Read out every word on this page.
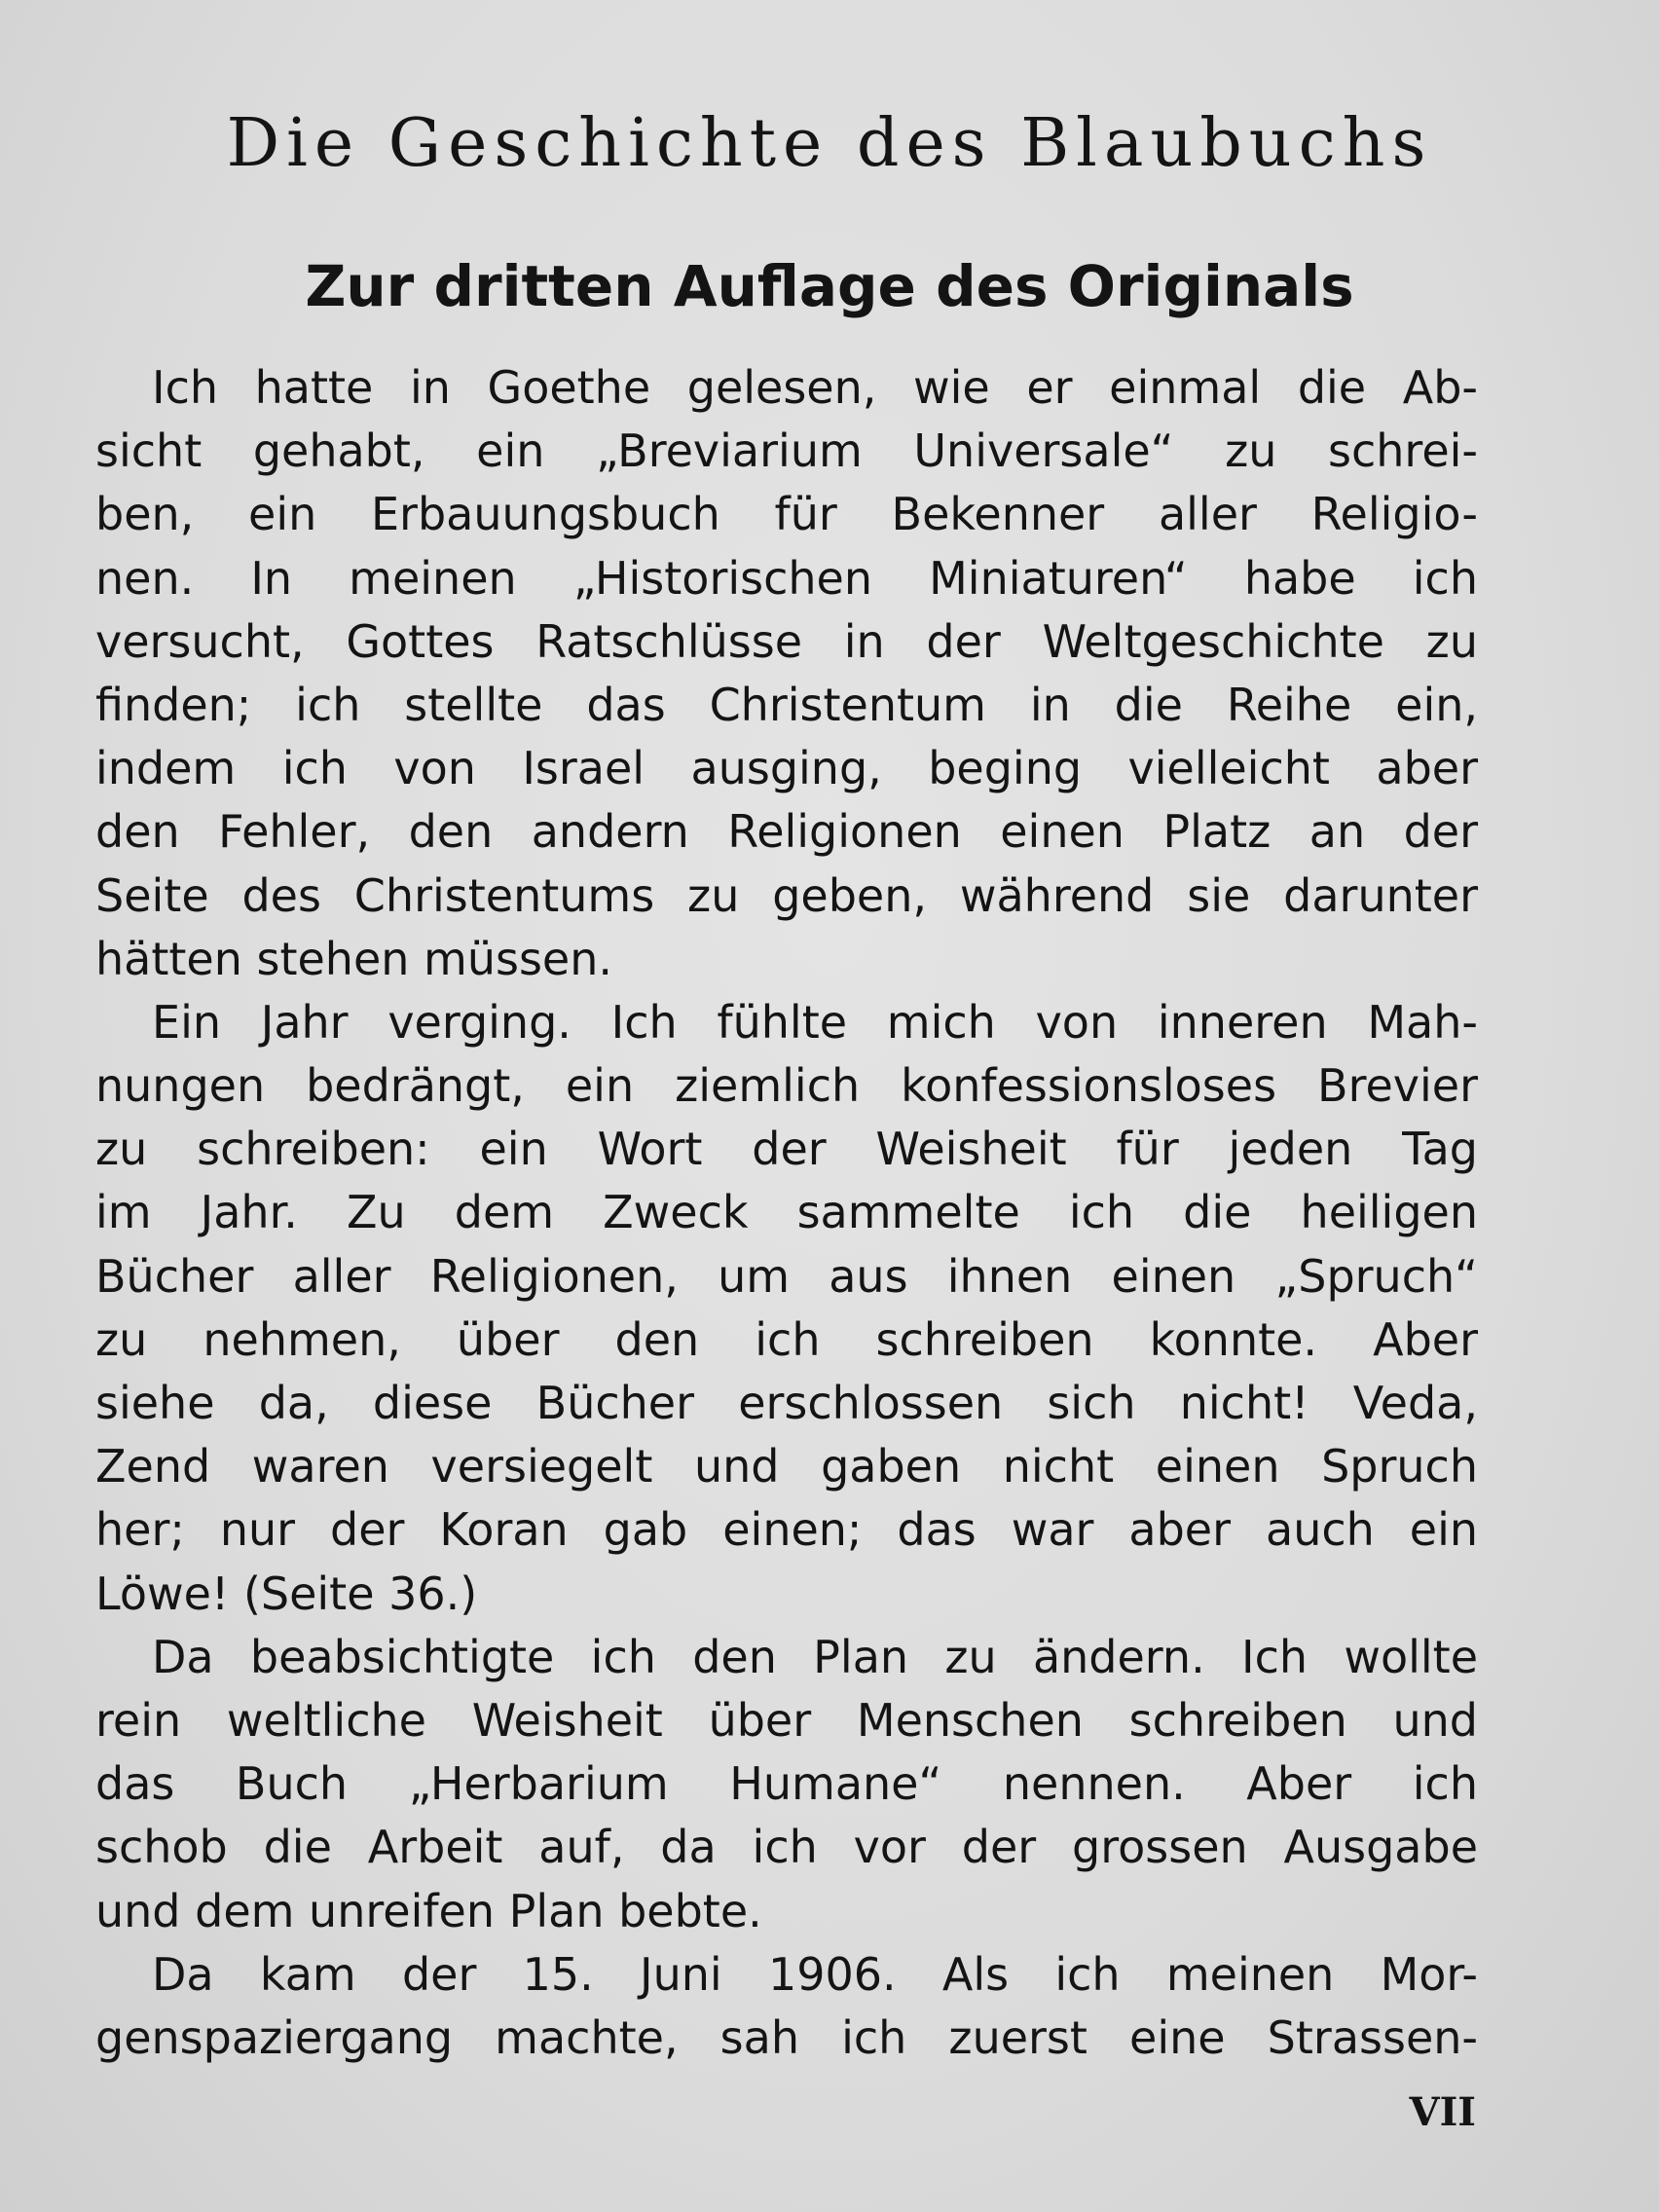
Die Geschichte des Blaubuchs
Zur dritten Auflage des Originals

Ich hatte in Goethe gelesen, wie er einmal die Ab-
sicht gehabt, ein „Breviarium Universale“ zu schrei-
ben, ein Erbauungsbuch für Bekenner aller Religio-
nen. In meinen „Historischen Miniaturen“ habe ich
versucht, Gottes Ratschlüsse in der Weltgeschichte zu
finden; ich stellte das Christentum in die Reihe ein,
indem ich von Israel ausging, beging vielleicht aber
den Fehler, den andern Religionen einen Platz an der
Seite des Christentums zu geben, während sie darunter
hätten stehen müssen.

Ein Jahr verging. Ich fühlte mich von inneren Mah-
nungen bedrängt, ein ziemlich konfessionsloses Brevier
zu schreiben: ein Wort der Weisheit für jeden Tag
im Jahr. Zu dem Zweck sammelte ich die heiligen
Bücher aller Religionen, um aus ihnen einen „Spruch“
zu nehmen, über den ich schreiben konnte. Aber
siehe da, diese Bücher erschlossen sich nicht! Veda,
Zend waren versiegelt und gaben nicht einen Spruch
her; nur der Koran gab einen; das war aber auch ein
Löwe! (Seite 36.)

Da beabsichtigte ich den Plan zu ändern. Ich wollte
rein weltliche Weisheit über Menschen schreiben und
das Buch „Herbarium Humane“ nennen. Aber ich
schob die Arbeit auf, da ich vor der grossen Ausgabe
und dem unreifen Plan bebte.

Da kam der 15. Juni 1906. Als ich meinen Mor-
genspaziergang machte, sah ich zuerst eine Strassen-

VII
